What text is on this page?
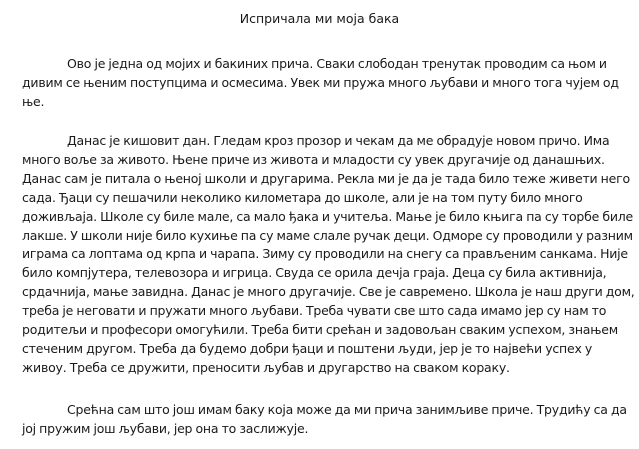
Испричала ми моја бака
Ово је једна од мојих и бакиних прича. Сваки слободан тренутак проводим са њом и
дивим се њеним поступцима и осмесима. Увек ми пружа много љубави и много тога чујем од
ње.
Данас је кишовит дан. Гледам кроз прозор и чекам да ме обрадује новом причо. Има
много воље за живото. Њене приче из живота и младости су увек другачије од данашњих.
Данас сам је питала о њеној школи и другарима. Рекла ми је да је тада било теже живети него
сада. Ђаци су пешачили неколико километара до школе, али је на том путу било много
доживљаја. Школе су биле мале, са мало ђака и учитеља. Мање је било књига па су торбе биле
лакше. У школи није било кухиње па су маме слале ручак деци. Одморе су проводили у разним
играма са лоптама од крпа и чарапа. Зиму су проводили на снегу са прављеним санкама. Није
било компјутера, телевозора и игрица. Свуда се орила дечја граја. Деца су била активнија,
срдачнија, мање завидна. Данас је много другачије. Све је савремено. Школа је наш други дом,
треба је неговати и пружати много љубави. Треба чувати све што сада имамо јер су нам то
родитељи и професори омогућили. Треба бити срећан и задовољан сваким успехом, знањем
стеченим другом. Треба да будемо добри ђаци и поштени људи, јер је то највећи успех у
живоу. Треба се дружити, преносити љубав и другарство на сваком кораку.
Срећна сам што још имам баку која може да ми прича занимљиве приче. Трудићу са да
јој пружим још љубави, јер она то заслижује.
